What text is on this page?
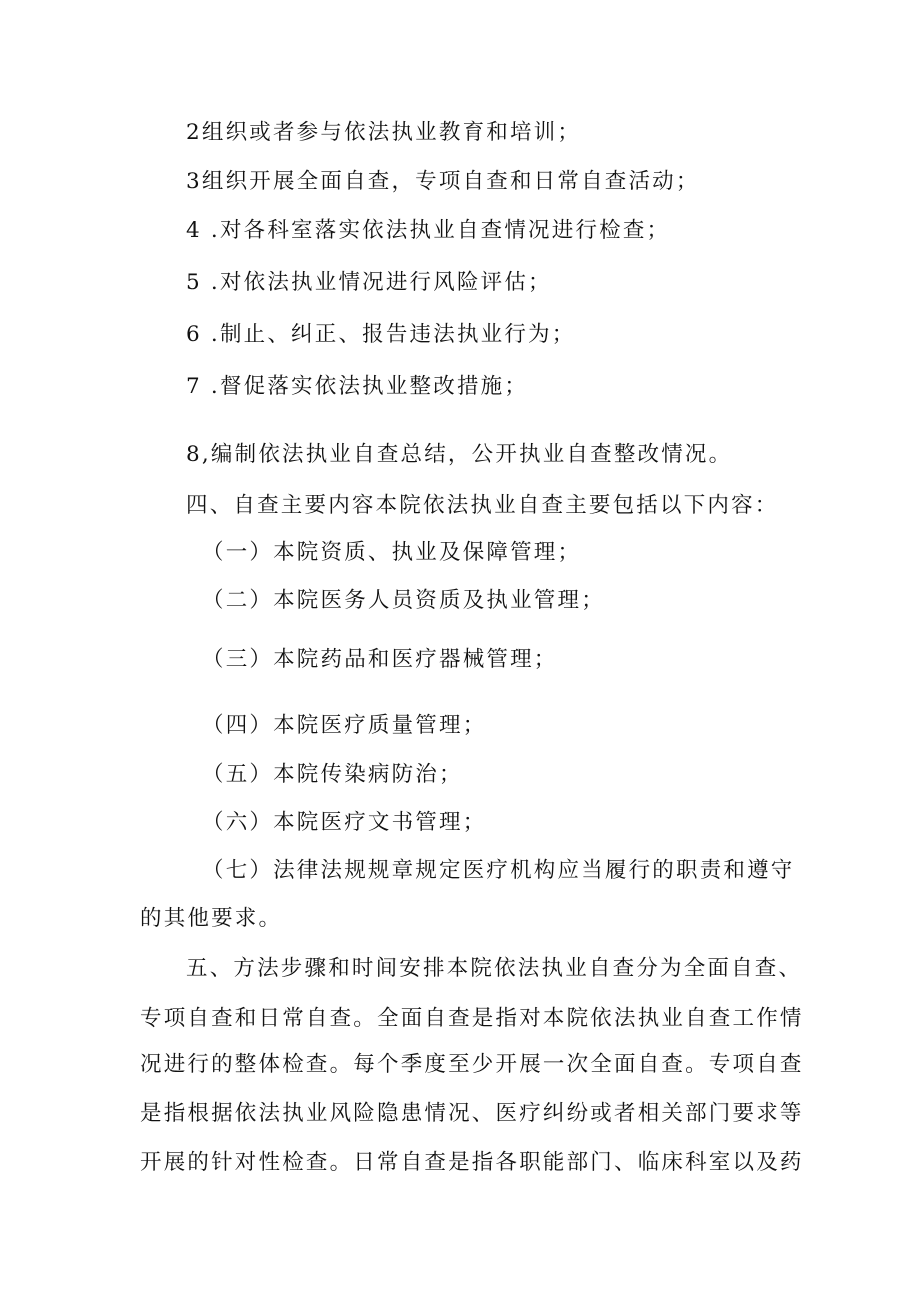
2组织或者参与依法执业教育和培训；
3组织开展全面自查，专项自查和日常自查活动；
4 .对各科室落实依法执业自查情况进行检查；
5 .对依法执业情况进行风险评估；
6 .制止、纠正、报告违法执业行为；
7 .督促落实依法执业整改措施；
8,编制依法执业自查总结，公开执业自查整改情况。
四、自查主要内容本院依法执业自查主要包括以下内容：
（一）本院资质、执业及保障管理；
（二）本院医务人员资质及执业管理；
（三）本院药品和医疗器械管理；
（四）本院医疗质量管理；
（五）本院传染病防治；
（六）本院医疗文书管理；
（七）法律法规规章规定医疗机构应当履行的职责和遵守
的其他要求。
五、方法步骤和时间安排本院依法执业自查分为全面自查、
专项自查和日常自查。全面自查是指对本院依法执业自查工作情
况进行的整体检查。每个季度至少开展一次全面自查。专项自查
是指根据依法执业风险隐患情况、医疗纠纷或者相关部门要求等
开展的针对性检查。日常自查是指各职能部门、临床科室以及药
